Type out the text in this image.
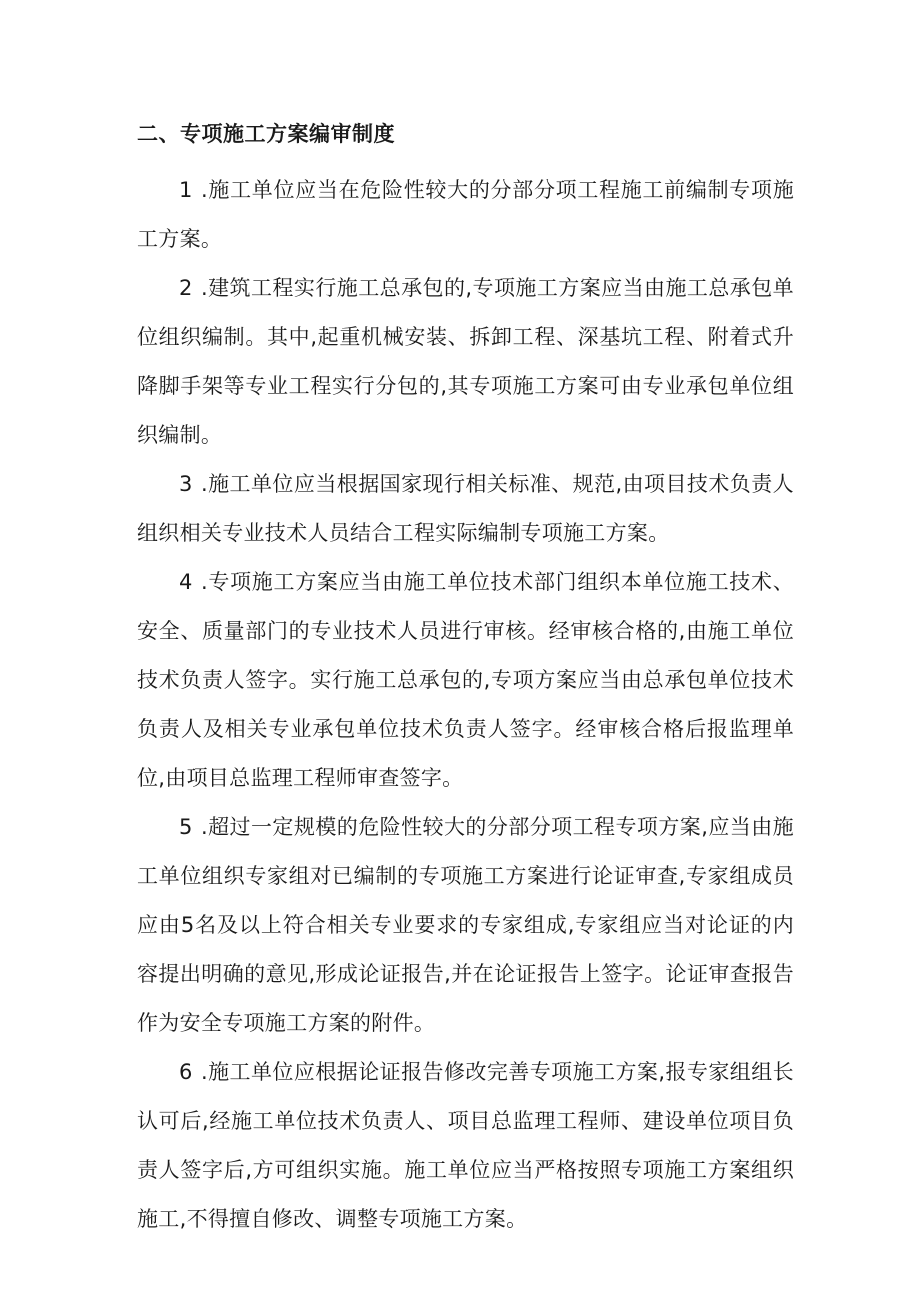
二、专项施工方案编审制度

1 .施工单位应当在危险性较大的分部分项工程施工前编制专项施工方案。

2 .建筑工程实行施工总承包的,专项施工方案应当由施工总承包单位组织编制。其中,起重机械安装、拆卸工程、深基坑工程、附着式升降脚手架等专业工程实行分包的,其专项施工方案可由专业承包单位组织编制。

3 .施工单位应当根据国家现行相关标准、规范,由项目技术负责人组织相关专业技术人员结合工程实际编制专项施工方案。

4 .专项施工方案应当由施工单位技术部门组织本单位施工技术、安全、质量部门的专业技术人员进行审核。经审核合格的,由施工单位技术负责人签字。实行施工总承包的,专项方案应当由总承包单位技术负责人及相关专业承包单位技术负责人签字。经审核合格后报监理单位,由项目总监理工程师审查签字。

5 .超过一定规模的危险性较大的分部分项工程专项方案,应当由施工单位组织专家组对已编制的专项施工方案进行论证审查,专家组成员应由5名及以上符合相关专业要求的专家组成,专家组应当对论证的内容提出明确的意见,形成论证报告,并在论证报告上签字。论证审查报告作为安全专项施工方案的附件。

6 .施工单位应根据论证报告修改完善专项施工方案,报专家组组长认可后,经施工单位技术负责人、项目总监理工程师、建设单位项目负责人签字后,方可组织实施。施工单位应当严格按照专项施工方案组织施工,不得擅自修改、调整专项施工方案。
